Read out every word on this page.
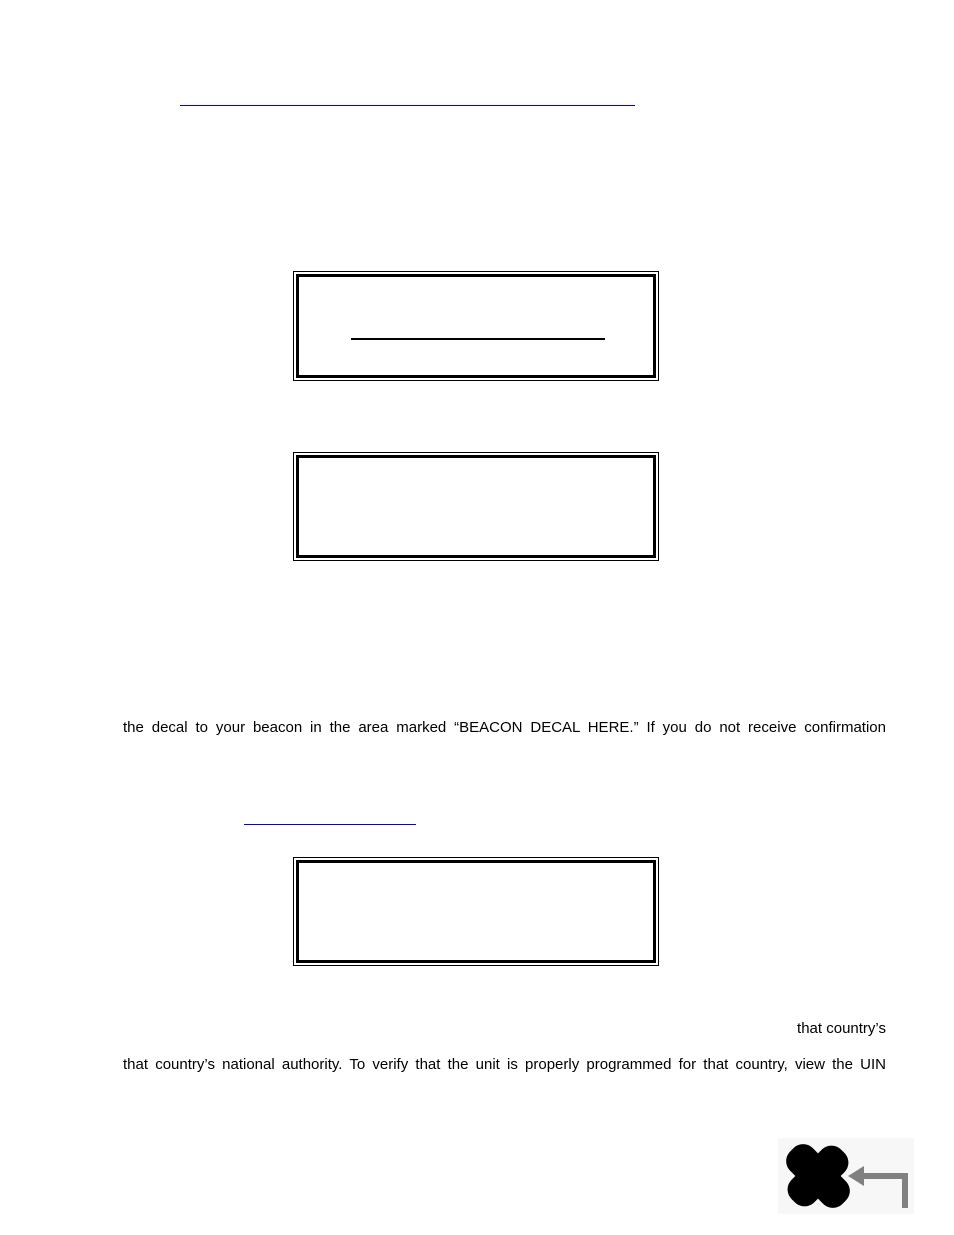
the decal to your beacon in the area marked “BEACON DECAL HERE.” If you do not receive confirmation
that country’s
that country’s national authority. To verify that the unit is properly programmed for that country, view the UIN
